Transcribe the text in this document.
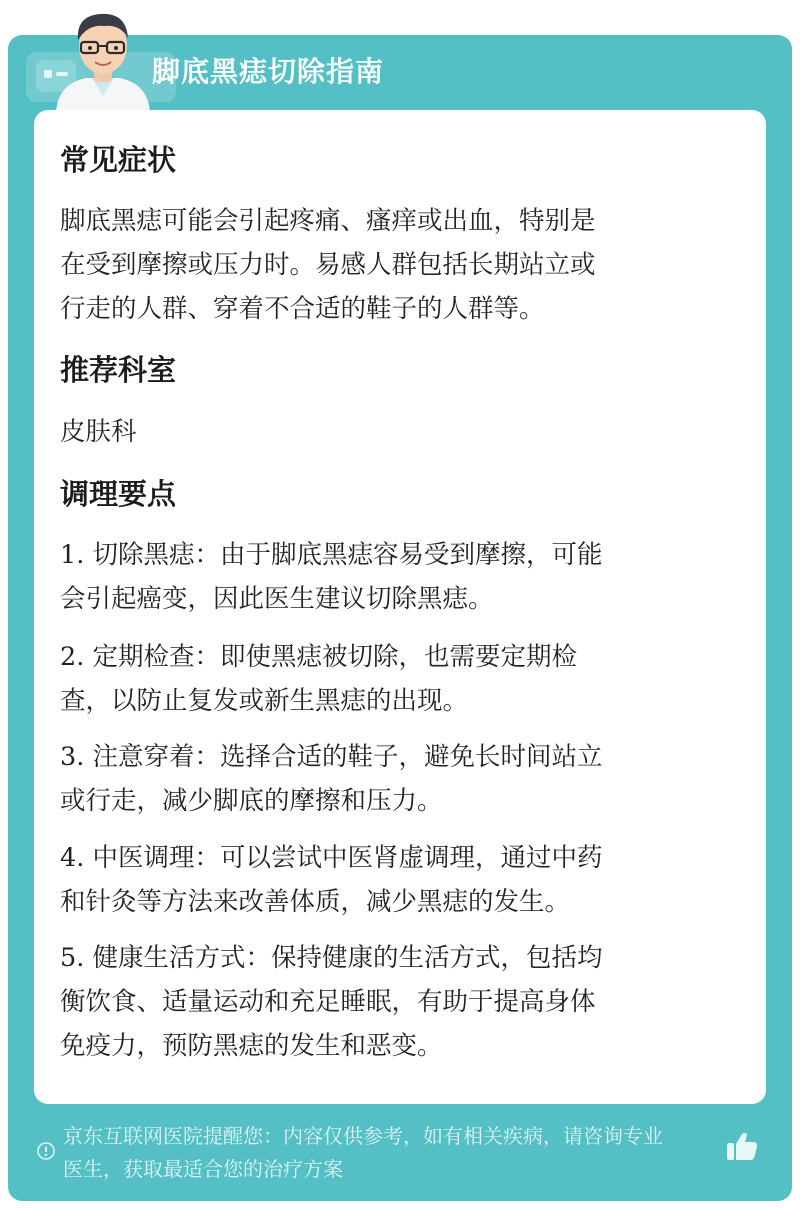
脚底黑痣切除指南
常见症状
脚底黑痣可能会引起疼痛、瘙痒或出血，特别是
在受到摩擦或压力时。易感人群包括长期站立或
行走的人群、穿着不合适的鞋子的人群等。
推荐科室
皮肤科
调理要点
1. 切除黑痣：由于脚底黑痣容易受到摩擦，可能
会引起癌变，因此医生建议切除黑痣。
2. 定期检查：即使黑痣被切除，也需要定期检
查，以防止复发或新生黑痣的出现。
3. 注意穿着：选择合适的鞋子，避免长时间站立
或行走，减少脚底的摩擦和压力。
4. 中医调理：可以尝试中医肾虚调理，通过中药
和针灸等方法来改善体质，减少黑痣的发生。
5. 健康生活方式：保持健康的生活方式，包括均
衡饮食、适量运动和充足睡眠，有助于提高身体
免疫力，预防黑痣的发生和恶变。
京东互联网医院提醒您：内容仅供参考，如有相关疾病，请咨询专业
医生，获取最适合您的治疗方案
